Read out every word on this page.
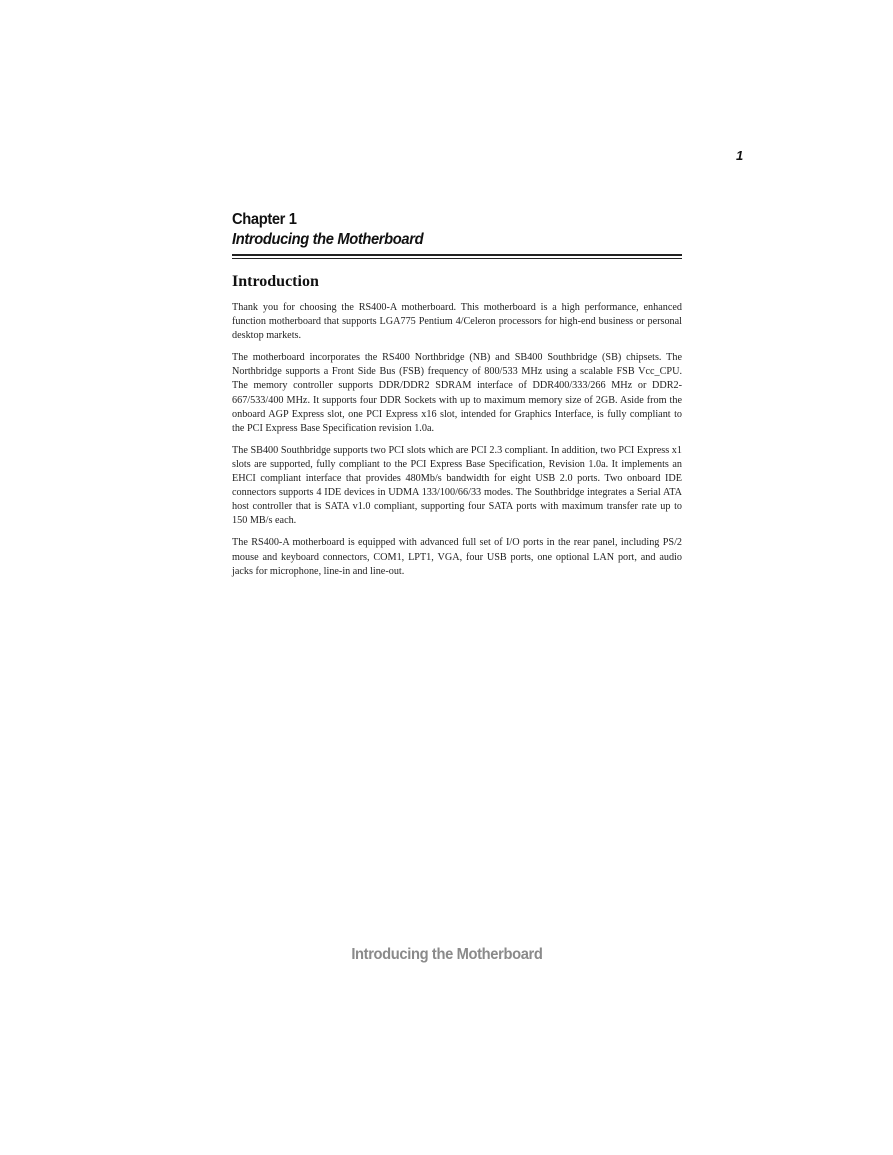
1
Chapter 1
Introducing the Motherboard
Introduction

Thank you for choosing the RS400-A motherboard. This motherboard is a high performance, enhanced function motherboard that supports LGA775 Pentium 4/Celeron processors for high-end business or personal desktop markets.

The motherboard incorporates the RS400 Northbridge (NB) and SB400 Southbridge (SB) chipsets. The Northbridge supports a Front Side Bus (FSB) frequency of 800/533 MHz using a scalable FSB Vcc_CPU. The memory controller supports DDR/DDR2 SDRAM interface of DDR400/333/266 MHz or DDR2-667/533/400 MHz. It supports four DDR Sockets with up to maximum memory size of 2GB. Aside from the onboard AGP Express slot, one PCI Express x16 slot, intended for Graphics Interface, is fully compliant to the PCI Express Base Specification revision 1.0a.

The SB400 Southbridge supports two PCI slots which are PCI 2.3 compliant. In addition, two PCI Express x1 slots are supported, fully compliant to the PCI Express Base Specification, Revision 1.0a. It implements an EHCI compliant interface that provides 480Mb/s bandwidth for eight USB 2.0 ports. Two onboard IDE connectors supports 4 IDE devices in UDMA 133/100/66/33 modes. The Southbridge integrates a Serial ATA host controller that is SATA v1.0 compliant, supporting four SATA ports with maximum transfer rate up to 150 MB/s each.

The RS400-A motherboard is equipped with advanced full set of I/O ports in the rear panel, including PS/2 mouse and keyboard connectors, COM1, LPT1, VGA, four USB ports, one optional LAN port, and audio jacks for microphone, line-in and line-out.

Introducing the Motherboard
